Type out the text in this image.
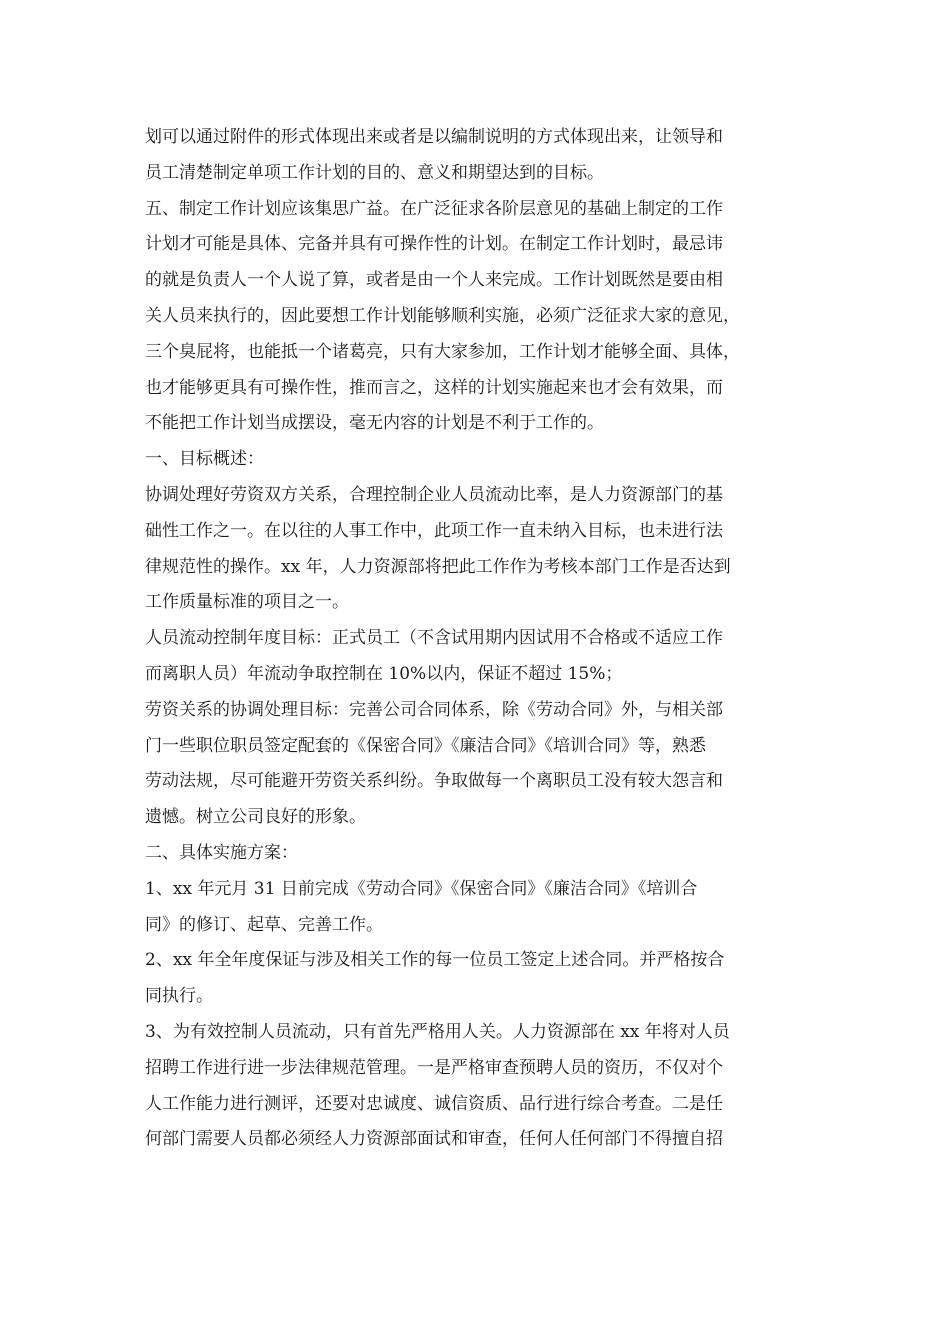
划可以通过附件的形式体现出来或者是以编制说明的方式体现出来，让领导和
员工清楚制定单项工作计划的目的、意义和期望达到的目标。
五、制定工作计划应该集思广益。在广泛征求各阶层意见的基础上制定的工作
计划才可能是具体、完备并具有可操作性的计划。在制定工作计划时，最忌讳
的就是负责人一个人说了算，或者是由一个人来完成。工作计划既然是要由相
关人员来执行的，因此要想工作计划能够顺利实施，必须广泛征求大家的意见，
三个臭屁将，也能抵一个诸葛亮，只有大家参加，工作计划才能够全面、具体，
也才能够更具有可操作性，推而言之，这样的计划实施起来也才会有效果，而
不能把工作计划当成摆设，毫无内容的计划是不利于工作的。
一、目标概述：
协调处理好劳资双方关系，合理控制企业人员流动比率，是人力资源部门的基
础性工作之一。在以往的人事工作中，此项工作一直未纳入目标，也未进行法
律规范性的操作。xx 年，人力资源部将把此工作作为考核本部门工作是否达到
工作质量标准的项目之一。
人员流动控制年度目标：正式员工（不含试用期内因试用不合格或不适应工作
而离职人员）年流动争取控制在 10%以内，保证不超过 15%；
劳资关系的协调处理目标：完善公司合同体系，除《劳动合同》外，与相关部
门一些职位职员签定配套的《保密合同》《廉洁合同》《培训合同》等，熟悉
劳动法规，尽可能避开劳资关系纠纷。争取做每一个离职员工没有较大怨言和
遗憾。树立公司良好的形象。
二、具体实施方案：
1、xx 年元月 31 日前完成《劳动合同》《保密合同》《廉洁合同》《培训合
同》的修订、起草、完善工作。
2、xx 年全年度保证与涉及相关工作的每一位员工签定上述合同。并严格按合
同执行。
3、为有效控制人员流动，只有首先严格用人关。人力资源部在 xx 年将对人员
招聘工作进行进一步法律规范管理。一是严格审查预聘人员的资历，不仅对个
人工作能力进行测评，还要对忠诚度、诚信资质、品行进行综合考查。二是任
何部门需要人员都必须经人力资源部面试和审查，任何人任何部门不得擅自招
